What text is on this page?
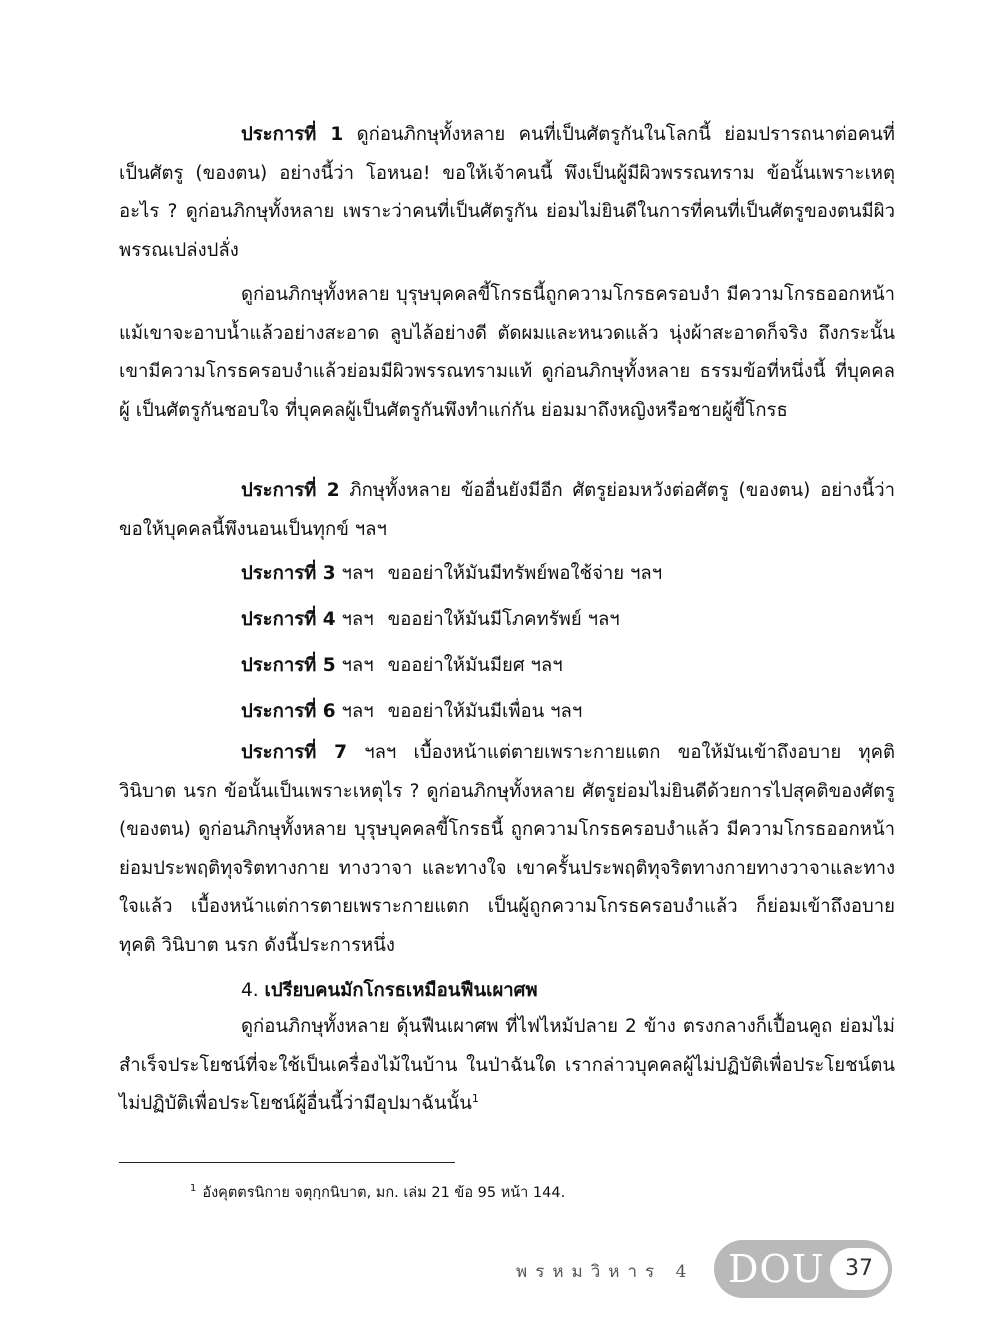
ประการที่ 1 ดูก่อนภิกษุทั้งหลาย คนที่เป็นศัตรูกันในโลกนี้ ย่อมปรารถนาต่อคนที่เป็นศัตรู (ของตน) อย่างนี้ว่า โอหนอ! ขอให้เจ้าคนนี้ พึงเป็นผู้มีผิวพรรณทราม ข้อนั้นเพราะเหตุอะไร ? ดูก่อนภิกษุทั้งหลาย เพราะว่าคนที่เป็นศัตรูกัน ย่อมไม่ยินดีในการที่คนที่เป็นศัตรูของตนมีผิวพรรณเปล่งปลั่ง

ดูก่อนภิกษุทั้งหลาย บุรุษบุคคลขี้โกรธนี้ถูกความโกรธครอบงำ มีความโกรธออกหน้า แม้เขาจะอาบน้ำแล้วอย่างสะอาด ลูบไล้อย่างดี ตัดผมและหนวดแล้ว นุ่งผ้าสะอาดก็จริง ถึงกระนั้น เขามีความโกรธครอบงำแล้วย่อมมีผิวพรรณทรามแท้ ดูก่อนภิกษุทั้งหลาย ธรรมข้อที่หนึ่งนี้ ที่บุคคลผู้ เป็นศัตรูกันชอบใจ ที่บุคคลผู้เป็นศัตรูกันพึงทำแก่กัน ย่อมมาถึงหญิงหรือชายผู้ขี้โกรธ

ประการที่ 2 ภิกษุทั้งหลาย ข้ออื่นยังมีอีก ศัตรูย่อมหวังต่อศัตรู (ของตน) อย่างนี้ว่า ขอให้บุคคลนี้พึงนอนเป็นทุกข์ ฯลฯ

ประการที่ 3 ฯลฯ ขออย่าให้มันมีทรัพย์พอใช้จ่าย ฯลฯ

ประการที่ 4 ฯลฯ ขออย่าให้มันมีโภคทรัพย์ ฯลฯ

ประการที่ 5 ฯลฯ ขออย่าให้มันมียศ ฯลฯ

ประการที่ 6 ฯลฯ ขออย่าให้มันมีเพื่อน ฯลฯ

ประการที่ 7 ฯลฯ เบื้องหน้าแต่ตายเพราะกายแตก ขอให้มันเข้าถึงอบาย ทุคติ วินิบาต นรก ข้อนั้นเป็นเพราะเหตุไร ? ดูก่อนภิกษุทั้งหลาย ศัตรูย่อมไม่ยินดีด้วยการไปสุคติของศัตรู (ของตน) ดูก่อนภิกษุทั้งหลาย บุรุษบุคคลขี้โกรธนี้ ถูกความโกรธครอบงำแล้ว มีความโกรธออกหน้า ย่อมประพฤติทุจริตทางกาย ทางวาจา และทางใจ เขาครั้นประพฤติทุจริตทางกายทางวาจาและทางใจแล้ว เบื้องหน้าแต่การตายเพราะกายแตก เป็นผู้ถูกความโกรธครอบงำแล้ว ก็ย่อมเข้าถึงอบาย ทุคติ วินิบาต นรก ดังนี้ประการหนึ่ง

4. เปรียบคนมักโกรธเหมือนฟืนเผาศพ

ดูก่อนภิกษุทั้งหลาย ดุ้นฟืนเผาศพ ที่ไฟไหม้ปลาย 2 ข้าง ตรงกลางก็เปื้อนคูถ ย่อมไม่สำเร็จประโยชน์ที่จะใช้เป็นเครื่องไม้ในบ้าน ในป่าฉันใด เรากล่าวบุคคลผู้ไม่ปฏิบัติเพื่อประโยชน์ตน ไม่ปฏิบัติเพื่อประโยชน์ผู้อื่นนี้ว่ามีอุปมาฉันนั้น$^1$

$^1$ อังคุตตรนิกาย จตุกฺกนิบาต, มก. เล่ม 21 ข้อ 95 หน้า 144.

พรหมวิหาร 4 DOU 37
